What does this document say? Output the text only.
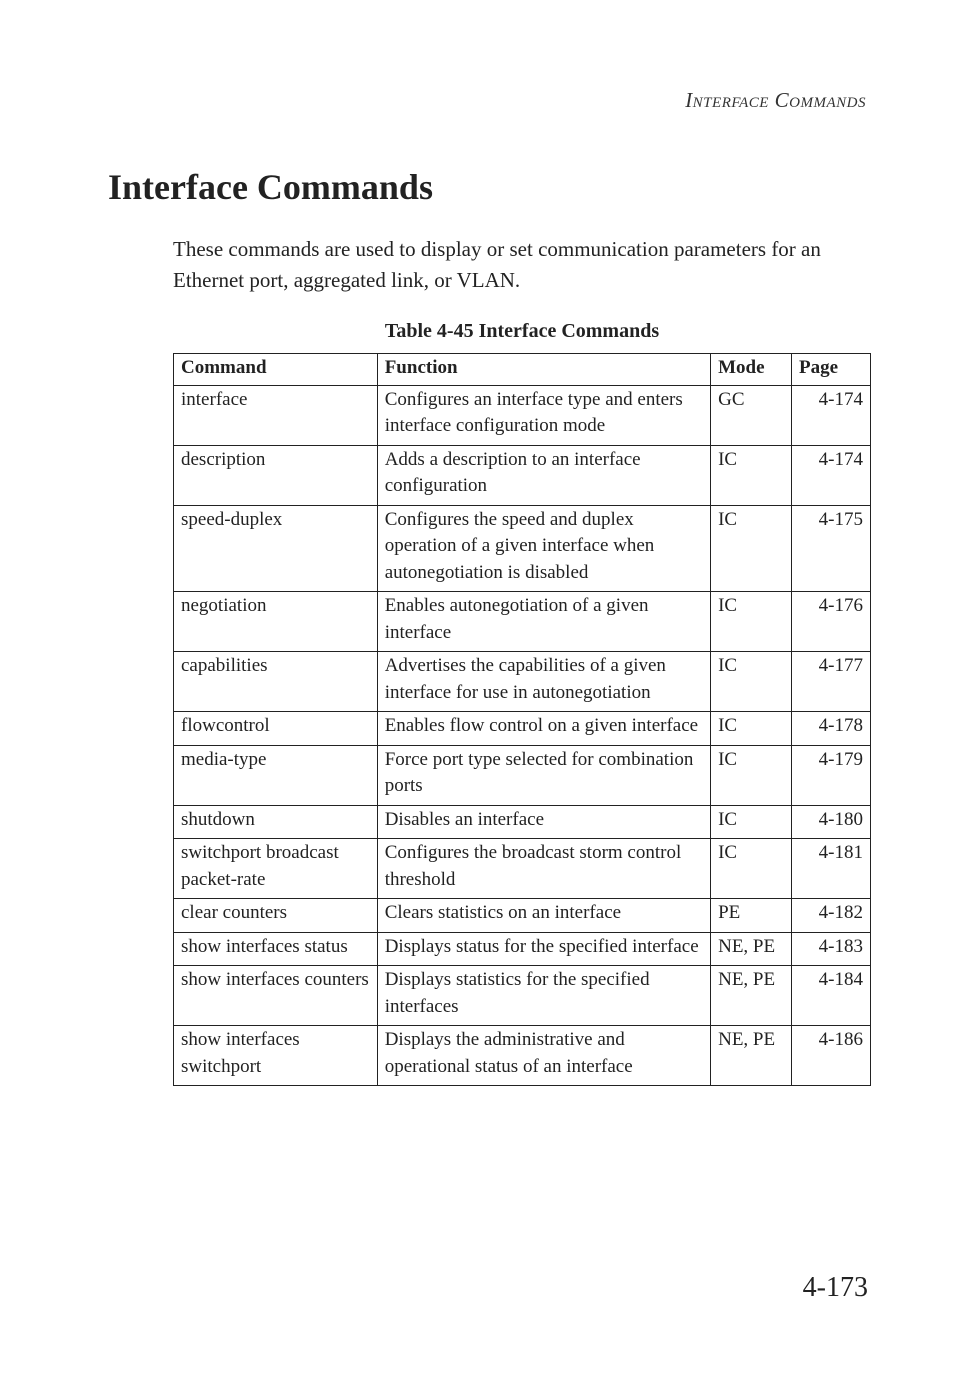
Interface Commands
Interface Commands

These commands are used to display or set communication parameters for an Ethernet port, aggregated link, or VLAN.

Table 4-45 Interface Commands
Command	Function	Mode	Page
interface	Configures an interface type and enters interface configuration mode	GC	4-174
description	Adds a description to an interface configuration	IC	4-174
speed-duplex	Configures the speed and duplex operation of a given interface when autonegotiation is disabled	IC	4-175
negotiation	Enables autonegotiation of a given interface	IC	4-176
capabilities	Advertises the capabilities of a given interface for use in autonegotiation	IC	4-177
flowcontrol	Enables flow control on a given interface	IC	4-178
media-type	Force port type selected for combination ports	IC	4-179
shutdown	Disables an interface	IC	4-180
switchport broadcast packet-rate	Configures the broadcast storm control threshold	IC	4-181
clear counters	Clears statistics on an interface	PE	4-182
show interfaces status	Displays status for the specified interface	NE, PE	4-183
show interfaces counters	Displays statistics for the specified interfaces	NE, PE	4-184
show interfaces switchport	Displays the administrative and operational status of an interface	NE, PE	4-186
4-173
